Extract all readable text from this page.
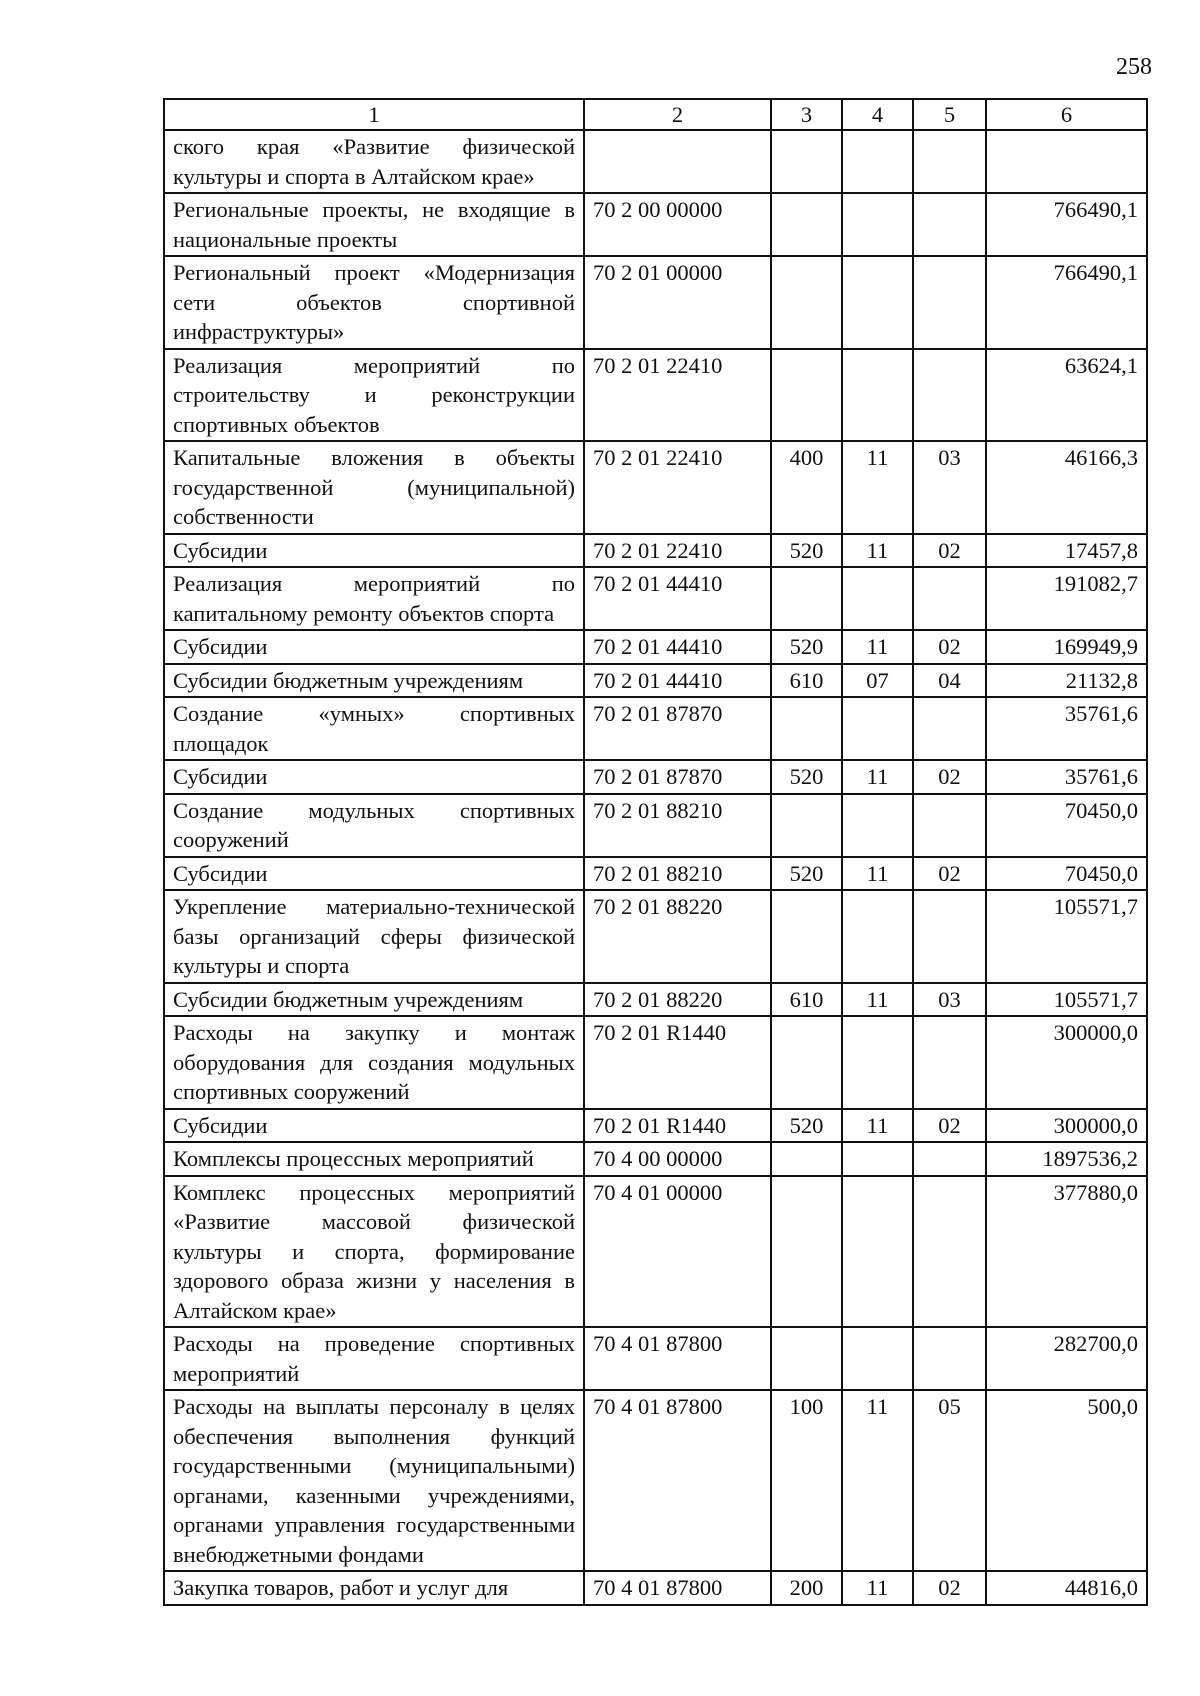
258
1	2	3	4	5	6
ского края «Развитие физической культуры и спорта в Алтайском крае»					
Региональные проекты, не входящие в национальные проекты	70 2 00 00000				766490,1
Региональный проект «Модернизация сети объектов спортивной инфраструктуры»	70 2 01 00000				766490,1
Реализация мероприятий по строительству и реконструкции спортивных объектов	70 2 01 22410				63624,1
Капитальные вложения в объекты государственной (муниципальной) собственности	70 2 01 22410	400	11	03	46166,3
Субсидии	70 2 01 22410	520	11	02	17457,8
Реализация мероприятий по капитальному ремонту объектов спорта	70 2 01 44410				191082,7
Субсидии	70 2 01 44410	520	11	02	169949,9
Субсидии бюджетным учреждениям	70 2 01 44410	610	07	04	21132,8
Создание «умных» спортивных площадок	70 2 01 87870				35761,6
Субсидии	70 2 01 87870	520	11	02	35761,6
Создание модульных спортивных сооружений	70 2 01 88210				70450,0
Субсидии	70 2 01 88210	520	11	02	70450,0
Укрепление материально-технической базы организаций сферы физической культуры и спорта	70 2 01 88220				105571,7
Субсидии бюджетным учреждениям	70 2 01 88220	610	11	03	105571,7
Расходы на закупку и монтаж оборудования для создания модульных спортивных сооружений	70 2 01 R1440				300000,0
Субсидии	70 2 01 R1440	520	11	02	300000,0
Комплексы процессных мероприятий	70 4 00 00000				1897536,2
Комплекс процессных мероприятий «Развитие массовой физической культуры и спорта, формирование здорового образа жизни у населения в Алтайском крае»	70 4 01 00000				377880,0
Расходы на проведение спортивных мероприятий	70 4 01 87800				282700,0
Расходы на выплаты персоналу в целях обеспечения выполнения функций государственными (муниципальными) органами, казенными учреждениями, органами управления государственными внебюджетными фондами	70 4 01 87800	100	11	05	500,0
Закупка товаров, работ и услуг для	70 4 01 87800	200	11	02	44816,0
